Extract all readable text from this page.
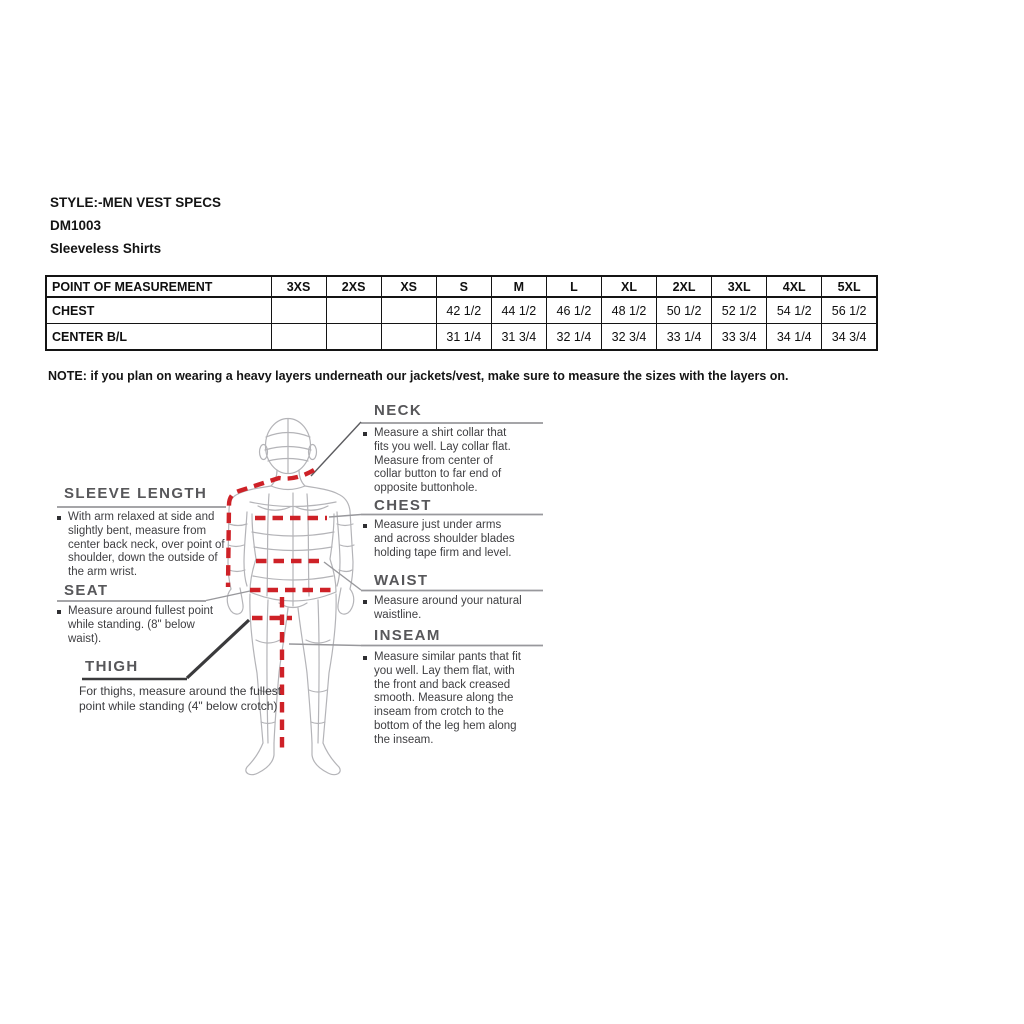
STYLE:-MEN VEST SPECS
DM1003
Sleeveless Shirts
POINT OF MEASUREMENT	3XS	2XS	XS	S	M	L	XL	2XL	3XL	4XL	5XL
CHEST				42 1/2	44 1/2	46 1/2	48 1/2	50 1/2	52 1/2	54 1/2	56 1/2
CENTER B/L				31 1/4	31 3/4	32 1/4	32 3/4	33 1/4	33 3/4	34 1/4	34 3/4
NOTE: if you plan on wearing a heavy layers underneath our jackets/vest, make sure to measure the sizes with the layers on.
NECK
Measure a shirt collar that fits you well. Lay collar flat. Measure from center of collar button to far end of opposite buttonhole.
CHEST
Measure just under arms and across shoulder blades holding tape firm and level.
WAIST
Measure around your natural waistline.
INSEAM
Measure similar pants that fit you well. Lay them flat, with the front and back creased smooth. Measure along the inseam from crotch to the bottom of the leg hem along the inseam.
SLEEVE LENGTH
With arm relaxed at side and slightly bent, measure from center back neck, over point of shoulder, down the outside of the arm wrist.
SEAT
Measure around fullest point while standing. (8" below waist).
THIGH
For thighs, measure around the fullest point while standing (4" below crotch)
